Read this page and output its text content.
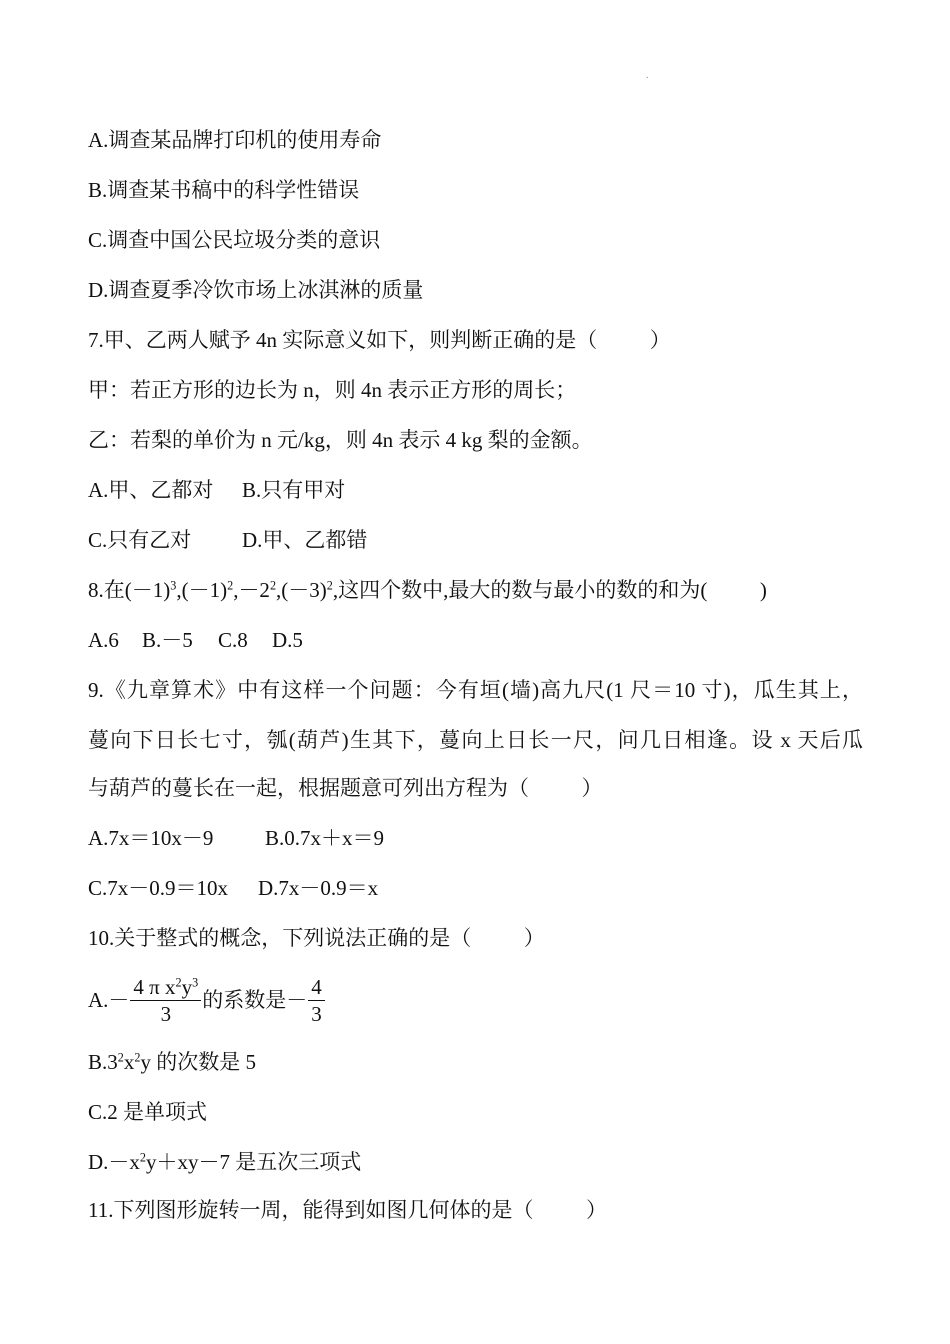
.
A.调查某品牌打印机的使用寿命
B.调查某书稿中的科学性错误
C.调查中国公民垃圾分类的意识
D.调查夏季冷饮市场上冰淇淋的质量
7.甲、乙两人赋予 4n 实际意义如下，则判断正确的是（          ）
甲：若正方形的边长为 n，则 4n 表示正方形的周长；
乙：若梨的单价为 n 元/kg，则 4n 表示 4 kg 梨的金额。

A.甲、乙都对

B.只有甲对

C.只有乙对

D.甲、乙都错

8.在$(-1)^3,(-1)^2,-2^2,(-3)^2$,这四个数中,最大的数与最小的数的和为(          )

A.6

B.－5

C.8

D.5

9.《九章算术》中有这样一个问题：今有垣(墙)高九尺(1 尺＝10 寸)，瓜生其上，
蔓向下日长七寸，瓠(葫芦)生其下，蔓向上日长一尺，问几日相逢。设 x 天后瓜
与葫芦的蔓长在一起，根据题意可列出方程为（          ）

A.7x＝10x－9

B.0.7x＋x＝9

C.7x－0.9＝10x

D.7x－0.9＝x

10.关于整式的概念，下列说法正确的是（          ）
$A.- \frac{4 \pi x^2y^3}{3}$ 的系数是－ $\frac{4}{3}$
$B.3^2x^2y$ 的次数是 5
C.2 是单项式
$D.-x^2y+xy-7$ 是五次三项式
11.下列图形旋转一周，能得到如图几何体的是（          ）
